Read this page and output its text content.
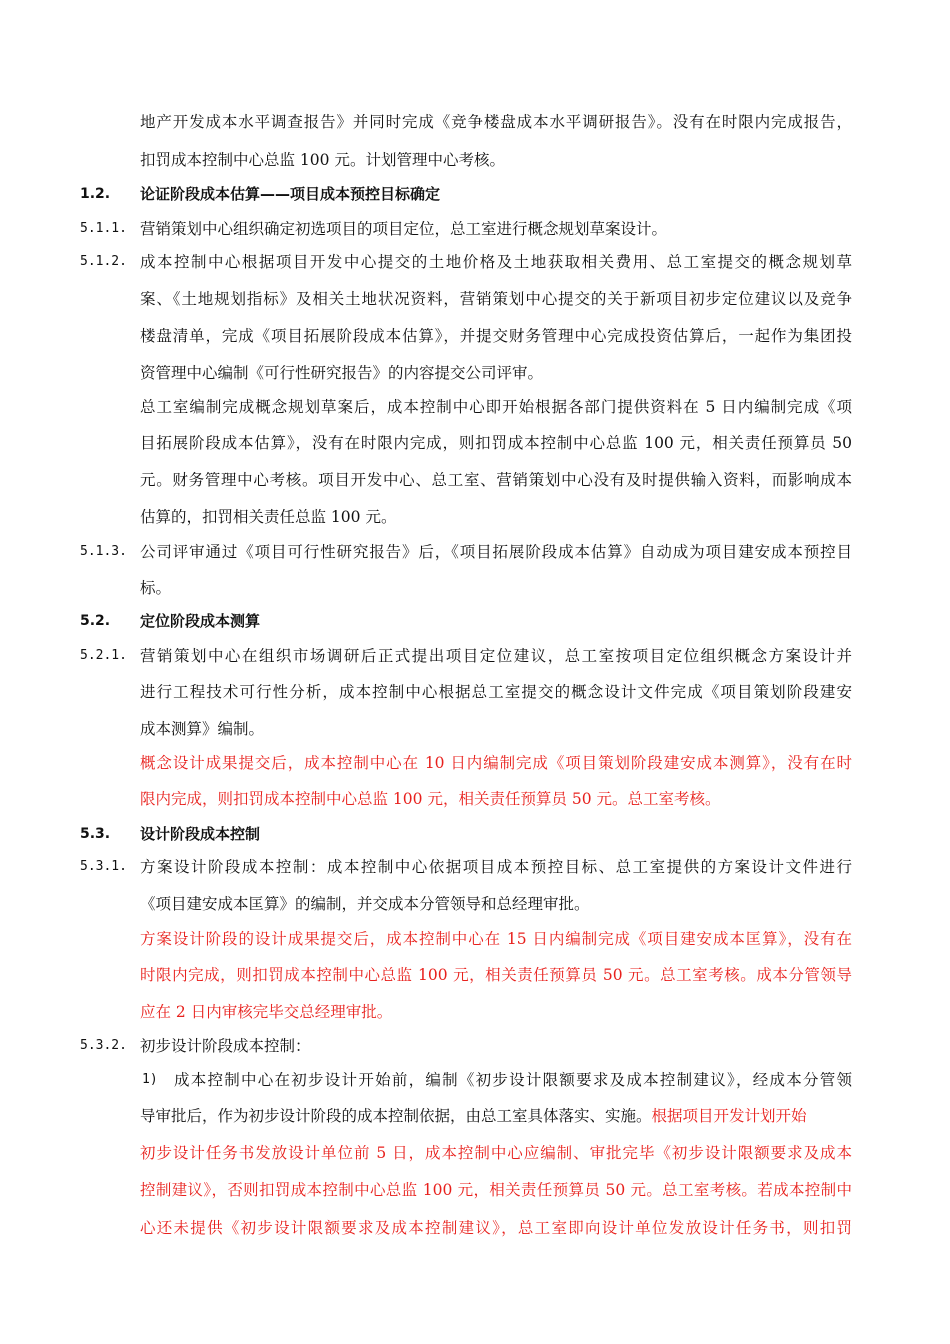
地产开发成本水平调查报告》并同时完成《竞争楼盘成本水平调研报告》。没有在时限内完成报告，
扣罚成本控制中心总监 100 元。计划管理中心考核。
1.2. 论证阶段成本估算——项目成本预控目标确定
5.1.1. 营销策划中心组织确定初选项目的项目定位，总工室进行概念规划草案设计。
5.1.2. 成本控制中心根据项目开发中心提交的土地价格及土地获取相关费用、总工室提交的概念规划草
案、《土地规划指标》及相关土地状况资料，营销策划中心提交的关于新项目初步定位建议以及竞争
楼盘清单，完成《项目拓展阶段成本估算》，并提交财务管理中心完成投资估算后，一起作为集团投
资管理中心编制《可行性研究报告》的内容提交公司评审。
总工室编制完成概念规划草案后，成本控制中心即开始根据各部门提供资料在 5 日内编制完成《项
目拓展阶段成本估算》，没有在时限内完成，则扣罚成本控制中心总监 100 元，相关责任预算员 50
元。财务管理中心考核。项目开发中心、总工室、营销策划中心没有及时提供输入资料，而影响成本
估算的，扣罚相关责任总监 100 元。
5.1.3. 公司评审通过《项目可行性研究报告》后，《项目拓展阶段成本估算》自动成为项目建安成本预控目
标。
5.2. 定位阶段成本测算
5.2.1. 营销策划中心在组织市场调研后正式提出项目定位建议，总工室按项目定位组织概念方案设计并
进行工程技术可行性分析，成本控制中心根据总工室提交的概念设计文件完成《项目策划阶段建安
成本测算》编制。
概念设计成果提交后，成本控制中心在 10 日内编制完成《项目策划阶段建安成本测算》，没有在时
限内完成，则扣罚成本控制中心总监 100 元，相关责任预算员 50 元。总工室考核。
5.3. 设计阶段成本控制
5.3.1. 方案设计阶段成本控制：成本控制中心依据项目成本预控目标、总工室提供的方案设计文件进行
《项目建安成本匡算》的编制，并交成本分管领导和总经理审批。
方案设计阶段的设计成果提交后，成本控制中心在 15 日内编制完成《项目建安成本匡算》，没有在
时限内完成，则扣罚成本控制中心总监 100 元，相关责任预算员 50 元。总工室考核。成本分管领导
应在 2 日内审核完毕交总经理审批。
5.3.2. 初步设计阶段成本控制：
1) 成本控制中心在初步设计开始前，编制《初步设计限额要求及成本控制建议》，经成本分管领
导审批后，作为初步设计阶段的成本控制依据，由总工室具体落实、实施。根据项目开发计划开始
初步设计任务书发放设计单位前 5 日，成本控制中心应编制、审批完毕《初步设计限额要求及成本
控制建议》，否则扣罚成本控制中心总监 100 元，相关责任预算员 50 元。总工室考核。若成本控制中
心还未提供《初步设计限额要求及成本控制建议》，总工室即向设计单位发放设计任务书，则扣罚
